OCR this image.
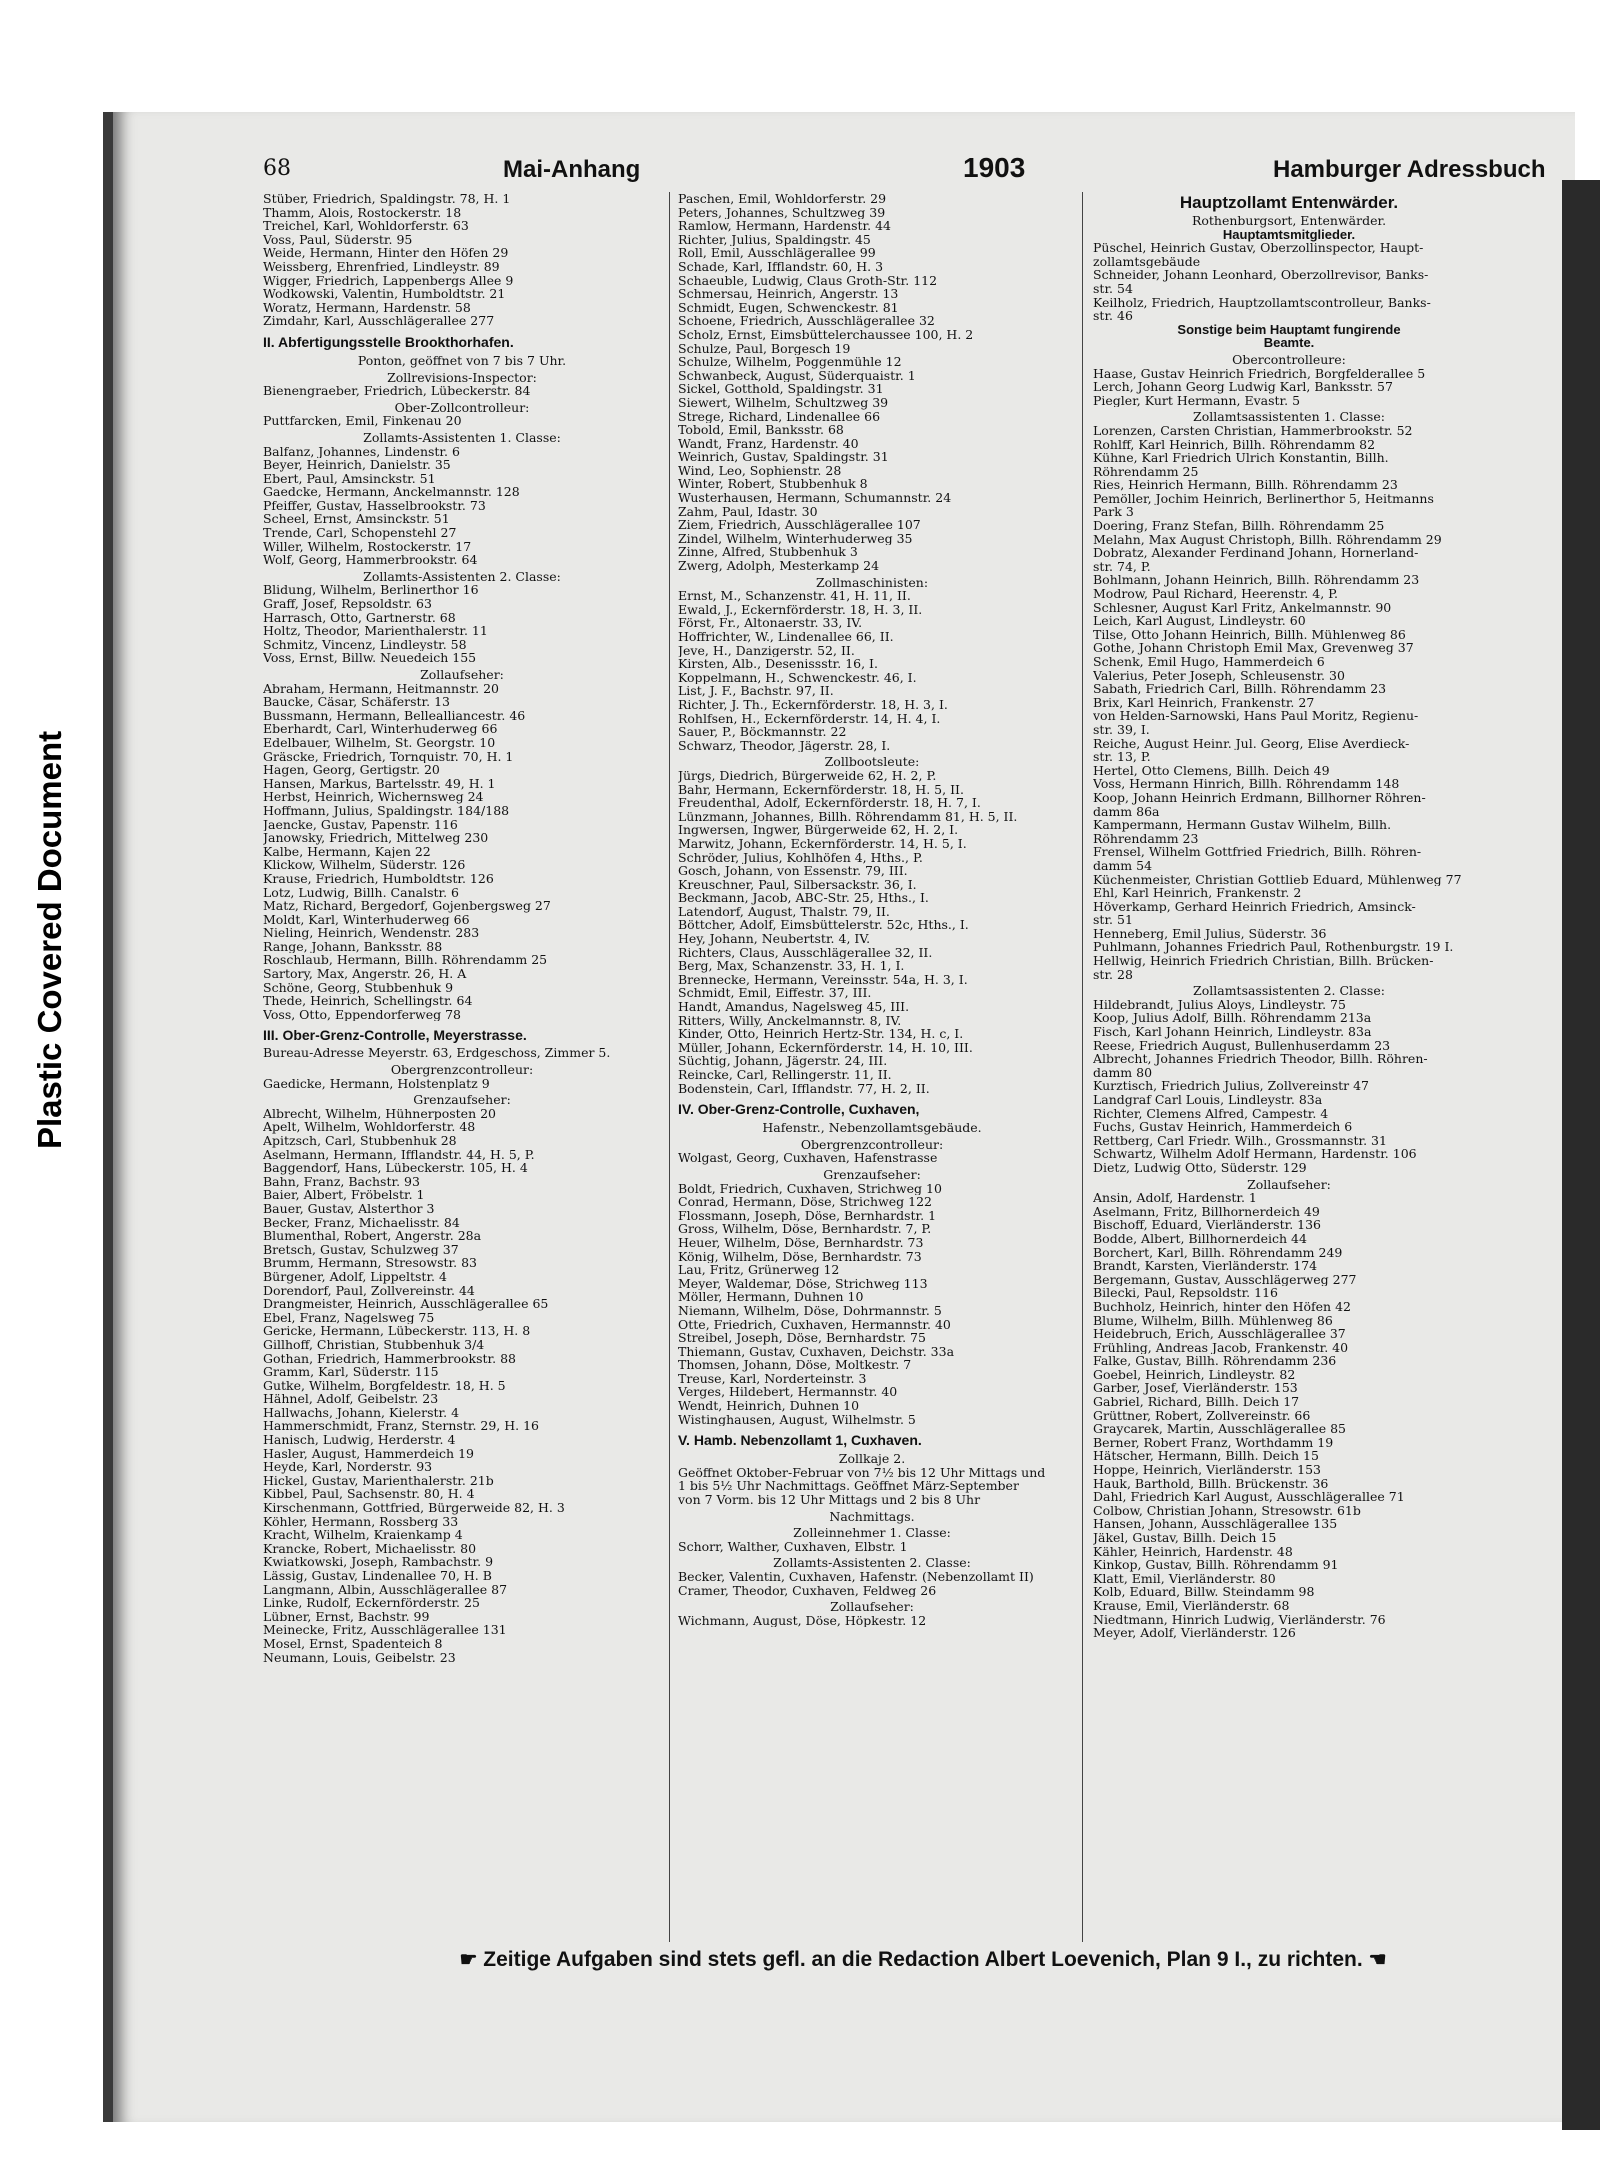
Plastic Covered Document
68	Mai-Anhang	1903	Hamburger Adressbuch
Stüber, Friedrich, Spaldingstr. 78, H. 1
Thamm, Alois, Rostockerstr. 18
Treichel, Karl, Wohldorferstr. 63
Voss, Paul, Süderstr. 95
Weide, Hermann, Hinter den Höfen 29
Weissberg, Ehrenfried, Lindleystr. 89
Wigger, Friedrich, Lappenbergs Allee 9
Wodkowski, Valentin, Humboldtstr. 21
Woratz, Hermann, Hardenstr. 58
Zimdahr, Karl, Ausschlägerallee 277
II. Abfertigungsstelle Brookthorhafen.
Ponton, geöffnet von 7 bis 7 Uhr.
Zollrevisions-Inspector:
Bienengraeber, Friedrich, Lübeckerstr. 84
Ober-Zollcontrolleur:
Puttfarcken, Emil, Finkenau 20
Zollamts-Assistenten 1. Classe:
Balfanz, Johannes, Lindenstr. 6
Beyer, Heinrich, Danielstr. 35
Ebert, Paul, Amsinckstr. 51
Gaedcke, Hermann, Anckelmannstr. 128
Pfeiffer, Gustav, Hasselbrookstr. 73
Scheel, Ernst, Amsinckstr. 51
Trende, Carl, Schopenstehl 27
Willer, Wilhelm, Rostockerstr. 17
Wolf, Georg, Hammerbrookstr. 64
Zollamts-Assistenten 2. Classe:
Blidung, Wilhelm, Berlinerthor 16
Graff, Josef, Repsoldstr. 63
Harrasch, Otto, Gartnerstr. 68
Holtz, Theodor, Marienthalerstr. 11
Schmitz, Vincenz, Lindleystr. 58
Voss, Ernst, Billw. Neuedeich 155
Zollaufseher:
Abraham, Hermann, Heitmannstr. 20
Baucke, Cäsar, Schäferstr. 13
Bussmann, Hermann, Bellealliancestr. 46
Eberhardt, Carl, Winterhuderweg 66
Edelbauer, Wilhelm, St. Georgstr. 10
Gräscke, Friedrich, Tornquistr. 70, H. 1
Hagen, Georg, Gertigstr. 20
Hansen, Markus, Bartelsstr. 49, H. 1
Herbst, Heinrich, Wichernsweg 24
Hoffmann, Julius, Spaldingstr. 184/188
Jaencke, Gustav, Papenstr. 116
Janowsky, Friedrich, Mittelweg 230
Kalbe, Hermann, Kajen 22
Klickow, Wilhelm, Süderstr. 126
Krause, Friedrich, Humboldtstr. 126
Lotz, Ludwig, Billh. Canalstr. 6
Matz, Richard, Bergedorf, Gojenbergsweg 27
Moldt, Karl, Winterhuderweg 66
Nieling, Heinrich, Wendenstr. 283
Range, Johann, Banksstr. 88
Roschlaub, Hermann, Billh. Röhrendamm 25
Sartory, Max, Angerstr. 26, H. A
Schöne, Georg, Stubbenhuk 9
Thede, Heinrich, Schellingstr. 64
Voss, Otto, Eppendorferweg 78
III. Ober-Grenz-Controlle, Meyerstrasse.
Bureau-Adresse Meyerstr. 63, Erdgeschoss, Zimmer 5.
Obergrenzcontrolleur:
Gaedicke, Hermann, Holstenplatz 9
Grenzaufseher:
Albrecht, Wilhelm, Hühnerposten 20
Apelt, Wilhelm, Wohldorferstr. 48
Apitzsch, Carl, Stubbenhuk 28
Aselmann, Hermann, Ifflandstr. 44, H. 5, P.
Baggendorf, Hans, Lübeckerstr. 105, H. 4
Bahn, Franz, Bachstr. 93
Baier, Albert, Fröbelstr. 1
Bauer, Gustav, Alsterthor 3
Becker, Franz, Michaelisstr. 84
Blumenthal, Robert, Angerstr. 28a
Bretsch, Gustav, Schulzweg 37
Brumm, Hermann, Stresowstr. 83
Bürgener, Adolf, Lippeltstr. 4
Dorendorf, Paul, Zollvereinstr. 44
Drangmeister, Heinrich, Ausschlägerallee 65
Ebel, Franz, Nagelsweg 75
Gericke, Hermann, Lübeckerstr. 113, H. 8
Gillhoff, Christian, Stubbenhuk 3/4
Gothan, Friedrich, Hammerbrookstr. 88
Gramm, Karl, Süderstr. 115
Gutke, Wilhelm, Borgfeldestr. 18, H. 5
Hähnel, Adolf, Geibelstr. 23
Hallwachs, Johann, Kielerstr. 4
Hammerschmidt, Franz, Sternstr. 29, H. 16
Hanisch, Ludwig, Herderstr. 4
Hasler, August, Hammerdeich 19
Heyde, Karl, Norderstr. 93
Hickel, Gustav, Marienthalerstr. 21b
Kibbel, Paul, Sachsenstr. 80, H. 4
Kirschenmann, Gottfried, Bürgerweide 82, H. 3
Köhler, Hermann, Rossberg 33
Kracht, Wilhelm, Kraienkamp 4
Krancke, Robert, Michaelisstr. 80
Kwiatkowski, Joseph, Rambachstr. 9
Lässig, Gustav, Lindenallee 70, H. B
Langmann, Albin, Ausschlägerallee 87
Linke, Rudolf, Eckernförderstr. 25
Lübner, Ernst, Bachstr. 99
Meinecke, Fritz, Ausschlägerallee 131
Mosel, Ernst, Spadenteich 8
Neumann, Louis, Geibelstr. 23
Paschen, Emil, Wohldorferstr. 29
Peters, Johannes, Schultzweg 39
Ramlow, Hermann, Hardenstr. 44
Richter, Julius, Spaldingstr. 45
Roll, Emil, Ausschlägerallee 99
Schade, Karl, Ifflandstr. 60, H. 3
Schaeuble, Ludwig, Claus Groth-Str. 112
Schmersau, Heinrich, Angerstr. 13
Schmidt, Eugen, Schwenckestr. 81
Schoene, Friedrich, Ausschlägerallee 32
Scholz, Ernst, Eimsbüttelerchaussee 100, H. 2
Schulze, Paul, Borgesch 19
Schulze, Wilhelm, Poggenmühle 12
Schwanbeck, August, Süderquaistr. 1
Sickel, Gotthold, Spaldingstr. 31
Siewert, Wilhelm, Schultzweg 39
Strege, Richard, Lindenallee 66
Tobold, Emil, Banksstr. 68
Wandt, Franz, Hardenstr. 40
Weinrich, Gustav, Spaldingstr. 31
Wind, Leo, Sophienstr. 28
Winter, Robert, Stubbenhuk 8
Wusterhausen, Hermann, Schumannstr. 24
Zahm, Paul, Idastr. 30
Ziem, Friedrich, Ausschlägerallee 107
Zindel, Wilhelm, Winterhuderweg 35
Zinne, Alfred, Stubbenhuk 3
Zwerg, Adolph, Mesterkamp 24
Zollmaschinisten:
Ernst, M., Schanzenstr. 41, H. 11, II.
Ewald, J., Eckernförderstr. 18, H. 3, II.
Först, Fr., Altonaerstr. 33, IV.
Hoffrichter, W., Lindenallee 66, II.
Jeve, H., Danzigerstr. 52, II.
Kirsten, Alb., Desenissstr. 16, I.
Koppelmann, H., Schwenckestr. 46, I.
List, J. F., Bachstr. 97, II.
Richter, J. Th., Eckernförderstr. 18, H. 3, I.
Rohlfsen, H., Eckernförderstr. 14, H. 4, I.
Sauer, P., Böckmannstr. 22
Schwarz, Theodor, Jägerstr. 28, I.
Zollbootsleute:
Jürgs, Diedrich, Bürgerweide 62, H. 2, P.
Bahr, Hermann, Eckernförderstr. 18, H. 5, II.
Freudenthal, Adolf, Eckernförderstr. 18, H. 7, I.
Lünzmann, Johannes, Billh. Röhrendamm 81, H. 5, II.
Ingwersen, Ingwer, Bürgerweide 62, H. 2, I.
Marwitz, Johann, Eckernförderstr. 14, H. 5, I.
Schröder, Julius, Kohlhöfen 4, Hths., P.
Gosch, Johann, von Essenstr. 79, III.
Kreuschner, Paul, Silbersackstr. 36, I.
Beckmann, Jacob, ABC-Str. 25, Hths., I.
Latendorf, August, Thalstr. 79, II.
Böttcher, Adolf, Eimsbüttelerstr. 52c, Hths., I.
Hey, Johann, Neubertstr. 4, IV.
Richters, Claus, Ausschlägerallee 32, II.
Berg, Max, Schanzenstr. 33, H. 1, I.
Brennecke, Hermann, Vereinsstr. 54a, H. 3, I.
Schmidt, Emil, Eiffestr. 37, III.
Handt, Amandus, Nagelsweg 45, III.
Ritters, Willy, Anckelmannstr. 8, IV.
Kinder, Otto, Heinrich Hertz-Str. 134, H. c, I.
Müller, Johann, Eckernförderstr. 14, H. 10, III.
Süchtig, Johann, Jägerstr. 24, III.
Reincke, Carl, Rellingerstr. 11, II.
Bodenstein, Carl, Ifflandstr. 77, H. 2, II.
IV. Ober-Grenz-Controlle, Cuxhaven,
Hafenstr., Nebenzollamtsgebäude.
Obergrenzcontrolleur:
Wolgast, Georg, Cuxhaven, Hafenstrasse
Grenzaufseher:
Boldt, Friedrich, Cuxhaven, Strichweg 10
Conrad, Hermann, Döse, Strichweg 122
Flossmann, Joseph, Döse, Bernhardstr. 1
Gross, Wilhelm, Döse, Bernhardstr. 7, P.
Heuer, Wilhelm, Döse, Bernhardstr. 73
König, Wilhelm, Döse, Bernhardstr. 73
Lau, Fritz, Grünerweg 12
Meyer, Waldemar, Döse, Strichweg 113
Möller, Hermann, Duhnen 10
Niemann, Wilhelm, Döse, Dohrmannstr. 5
Otte, Friedrich, Cuxhaven, Hermannstr. 40
Streibel, Joseph, Döse, Bernhardstr. 75
Thiemann, Gustav, Cuxhaven, Deichstr. 33a
Thomsen, Johann, Döse, Moltkestr. 7
Treuse, Karl, Norderteinstr. 3
Verges, Hildebert, Hermannstr. 40
Wendt, Heinrich, Duhnen 10
Wistinghausen, August, Wilhelmstr. 5
V. Hamb. Nebenzollamt 1, Cuxhaven.
Zollkaje 2.
Geöffnet Oktober-Februar von 7½ bis 12 Uhr Mittags und
1 bis 5½ Uhr Nachmittags. Geöffnet März-September
von 7 Vorm. bis 12 Uhr Mittags und 2 bis 8 Uhr
Nachmittags.
Zolleinnehmer 1. Classe:
Schorr, Walther, Cuxhaven, Elbstr. 1
Zollamts-Assistenten 2. Classe:
Becker, Valentin, Cuxhaven, Hafenstr. (Nebenzollamt II)
Cramer, Theodor, Cuxhaven, Feldweg 26
Zollaufseher:
Wichmann, August, Döse, Höpkestr. 12
Hauptzollamt Entenwärder.
Rothenburgsort, Entenwärder.
Hauptamtsmitglieder.
Püschel, Heinrich Gustav, Oberzollinspector, Haupt-
zollamtsgebäude
Schneider, Johann Leonhard, Oberzollrevisor, Banks-
str. 54
Keilholz, Friedrich, Hauptzollamtscontrolleur, Banks-
str. 46
Sonstige beim Hauptamt fungirende
Beamte.
Obercontrolleure:
Haase, Gustav Heinrich Friedrich, Borgfelderallee 5
Lerch, Johann Georg Ludwig Karl, Banksstr. 57
Piegler, Kurt Hermann, Evastr. 5
Zollamtsassistenten 1. Classe:
Lorenzen, Carsten Christian, Hammerbrookstr. 52
Rohlff, Karl Heinrich, Billh. Röhrendamm 82
Kühne, Karl Friedrich Ulrich Konstantin, Billh.
Röhrendamm 25
Ries, Heinrich Hermann, Billh. Röhrendamm 23
Pemöller, Jochim Heinrich, Berlinerthor 5, Heitmanns
Park 3
Doering, Franz Stefan, Billh. Röhrendamm 25
Melahn, Max August Christoph, Billh. Röhrendamm 29
Dobratz, Alexander Ferdinand Johann, Hornerland-
str. 74, P.
Bohlmann, Johann Heinrich, Billh. Röhrendamm 23
Modrow, Paul Richard, Heerenstr. 4, P.
Schlesner, August Karl Fritz, Ankelmannstr. 90
Leich, Karl August, Lindleystr. 60
Tilse, Otto Johann Heinrich, Billh. Mühlenweg 86
Gothe, Johann Christoph Emil Max, Grevenweg 37
Schenk, Emil Hugo, Hammerdeich 6
Valerius, Peter Joseph, Schleusenstr. 30
Sabath, Friedrich Carl, Billh. Röhrendamm 23
Brix, Karl Heinrich, Frankenstr. 27
von Helden-Sarnowski, Hans Paul Moritz, Regienu-
str. 39, I.
Reiche, August Heinr. Jul. Georg, Elise Averdieck-
str. 13, P.
Hertel, Otto Clemens, Billh. Deich 49
Voss, Hermann Hinrich, Billh. Röhrendamm 148
Koop, Johann Heinrich Erdmann, Billhorner Röhren-
damm 86a
Kampermann, Hermann Gustav Wilhelm, Billh.
Röhrendamm 23
Frensel, Wilhelm Gottfried Friedrich, Billh. Röhren-
damm 54
Küchenmeister, Christian Gottlieb Eduard, Mühlenweg 77
Ehl, Karl Heinrich, Frankenstr. 2
Höverkamp, Gerhard Heinrich Friedrich, Amsinck-
str. 51
Henneberg, Emil Julius, Süderstr. 36
Puhlmann, Johannes Friedrich Paul, Rothenburgstr. 19 I.
Hellwig, Heinrich Friedrich Christian, Billh. Brücken-
str. 28
Zollamtsassistenten 2. Classe:
Hildebrandt, Julius Aloys, Lindleystr. 75
Koop, Julius Adolf, Billh. Röhrendamm 213a
Fisch, Karl Johann Heinrich, Lindleystr. 83a
Reese, Friedrich August, Bullenhuserdamm 23
Albrecht, Johannes Friedrich Theodor, Billh. Röhren-
damm 80
Kurztisch, Friedrich Julius, Zollvereinstr 47
Landgraf Carl Louis, Lindleystr. 83a
Richter, Clemens Alfred, Campestr. 4
Fuchs, Gustav Heinrich, Hammerdeich 6
Rettberg, Carl Friedr. Wilh., Grossmannstr. 31
Schwartz, Wilhelm Adolf Hermann, Hardenstr. 106
Dietz, Ludwig Otto, Süderstr. 129
Zollaufseher:
Ansin, Adolf, Hardenstr. 1
Aselmann, Fritz, Billhornerdeich 49
Bischoff, Eduard, Vierländerstr. 136
Bodde, Albert, Billhornerdeich 44
Borchert, Karl, Billh. Röhrendamm 249
Brandt, Karsten, Vierländerstr. 174
Bergemann, Gustav, Ausschlägerweg 277
Bilecki, Paul, Repsoldstr. 116
Buchholz, Heinrich, hinter den Höfen 42
Blume, Wilhelm, Billh. Mühlenweg 86
Heidebruch, Erich, Ausschlägerallee 37
Frühling, Andreas Jacob, Frankenstr. 40
Falke, Gustav, Billh. Röhrendamm 236
Goebel, Heinrich, Lindleystr. 82
Garber, Josef, Vierländerstr. 153
Gabriel, Richard, Billh. Deich 17
Grüttner, Robert, Zollvereinstr. 66
Graycarek, Martin, Ausschlägerallee 85
Berner, Robert Franz, Worthdamm 19
Hätscher, Hermann, Billh. Deich 15
Hoppe, Heinrich, Vierländerstr. 153
Hauk, Barthold, Billh. Brückenstr. 36
Dahl, Friedrich Karl August, Ausschlägerallee 71
Colbow, Christian Johann, Stresowstr. 61b
Hansen, Johann, Ausschlägerallee 135
Jäkel, Gustav, Billh. Deich 15
Kähler, Heinrich, Hardenstr. 48
Kinkop, Gustav, Billh. Röhrendamm 91
Klatt, Emil, Vierländerstr. 80
Kolb, Eduard, Billw. Steindamm 98
Krause, Emil, Vierländerstr. 68
Niedtmann, Hinrich Ludwig, Vierländerstr. 76
Meyer, Adolf, Vierländerstr. 126
☛ Zeitige Aufgaben sind stets gefl. an die Redaction Albert Loevenich, Plan 9 I., zu richten. ☚
